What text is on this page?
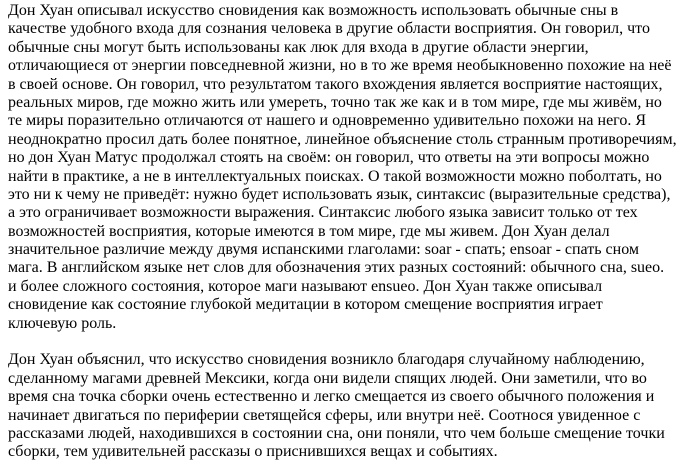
Дон Хуан описывал искусство сновидения как возможность использовать обычные сны в
качестве удобного входа для сознания человека в другие области восприятия. Он говорил, что
обычные сны могут быть использованы как люк для входа в другие области энергии,
отличающиеся от энергии повседневной жизни, но в то же время необыкновенно похожие на неё
в своей основе. Он говорил, что результатом такого вхождения является восприятие настоящих,
реальных миров, где можно жить или умереть, точно так же как и в том мире, где мы живём, но
те миры поразительно отличаются от нашего и одновременно удивительно похожи на него. Я
неоднократно просил дать более понятное, линейное объяснение столь странным противоречиям,
но дон Хуан Матус продолжал стоять на своём: он говорил, что ответы на эти вопросы можно
найти в практике, а не в интеллектуальных поисках. О такой возможности можно поболтать, но
это ни к чему не приведёт: нужно будет использовать язык, синтаксис (выразительные средства),
а это ограничивает возможности выражения. Синтаксис любого языка зависит только от тех
возможностей восприятия, которые имеются в том мире, где мы живем. Дон Хуан делал
значительное различие между двумя испанскими глаголами: soar - спать; ensoar - спать сном
мага. В английском языке нет слов для обозначения этих разных состояний: обычного сна, sueo.
и более сложного состояния, которое маги называют ensueo. Дон Хуан также описывал
сновидение как состояние глубокой медитации в котором смещение восприятия играет
ключевую роль.

Дон Хуан объяснил, что искусство сновидения возникло благодаря случайному наблюдению,
сделанному магами древней Мексики, когда они видели спящих людей. Они заметили, что во
время сна точка сборки очень естественно и легко смещается из своего обычного положения и
начинает двигаться по периферии светящейся сферы, или внутри неё. Соотнося увиденное с
рассказами людей, находившихся в состоянии сна, они поняли, что чем больше смещение точки
сборки, тем удивительней рассказы о приснившихся вещах и событиях.
